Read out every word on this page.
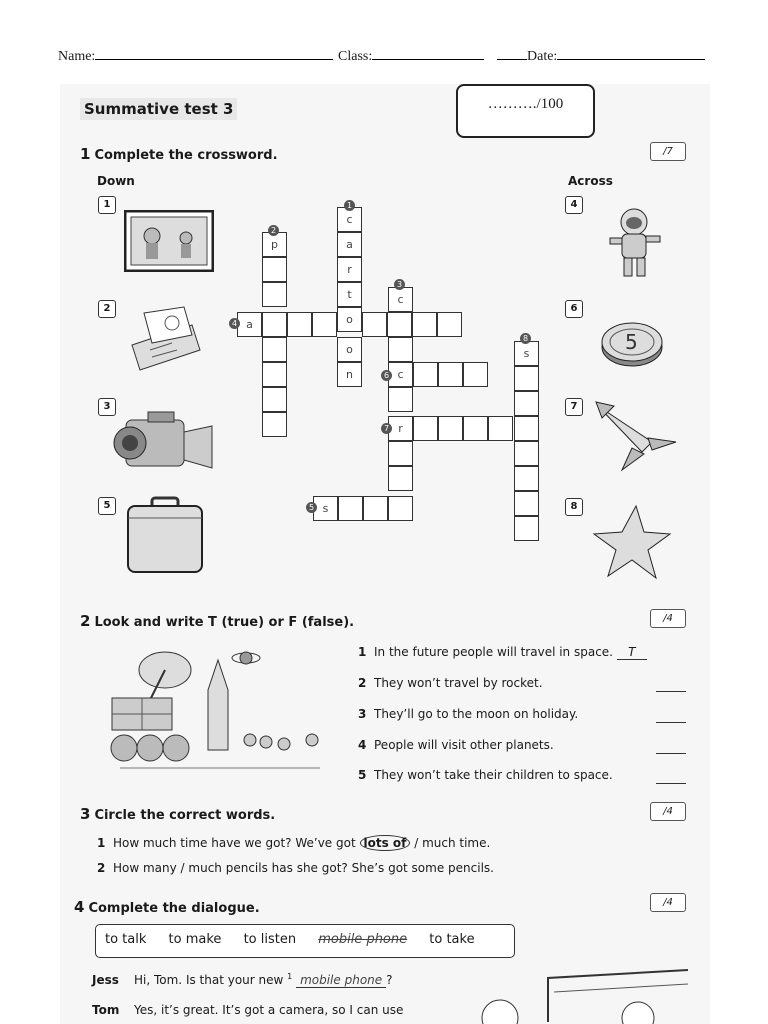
Name:	Class:	Date:
Summative test 3	………./100
1 Complete the crossword.	/7
Down	Across
1
2
3
5
4
6
7
8
5
c
a
r
t
o
o
n
p
a
c
c
r
s
s
1
2
3
4
5
6
7
8
2 Look and write T (true) or F (false).	/4
1 In the future people will travel in space. T
2 They won’t travel by rocket.
3 They’ll go to the moon on holiday.
4 People will visit other planets.
5 They won’t take their children to space.
3 Circle the correct words.	/4
1 How much time have we got? We’ve got lots of / much time.
2 How many / much pencils has she got? She’s got some pencils.
4 Complete the dialogue.	/4
to talk to make to listen mobile phone to take
Jess Hi, Tom. Is that your new $^1$ mobile phone ?
Tom Yes, it’s great. It’s got a camera, so I can use
